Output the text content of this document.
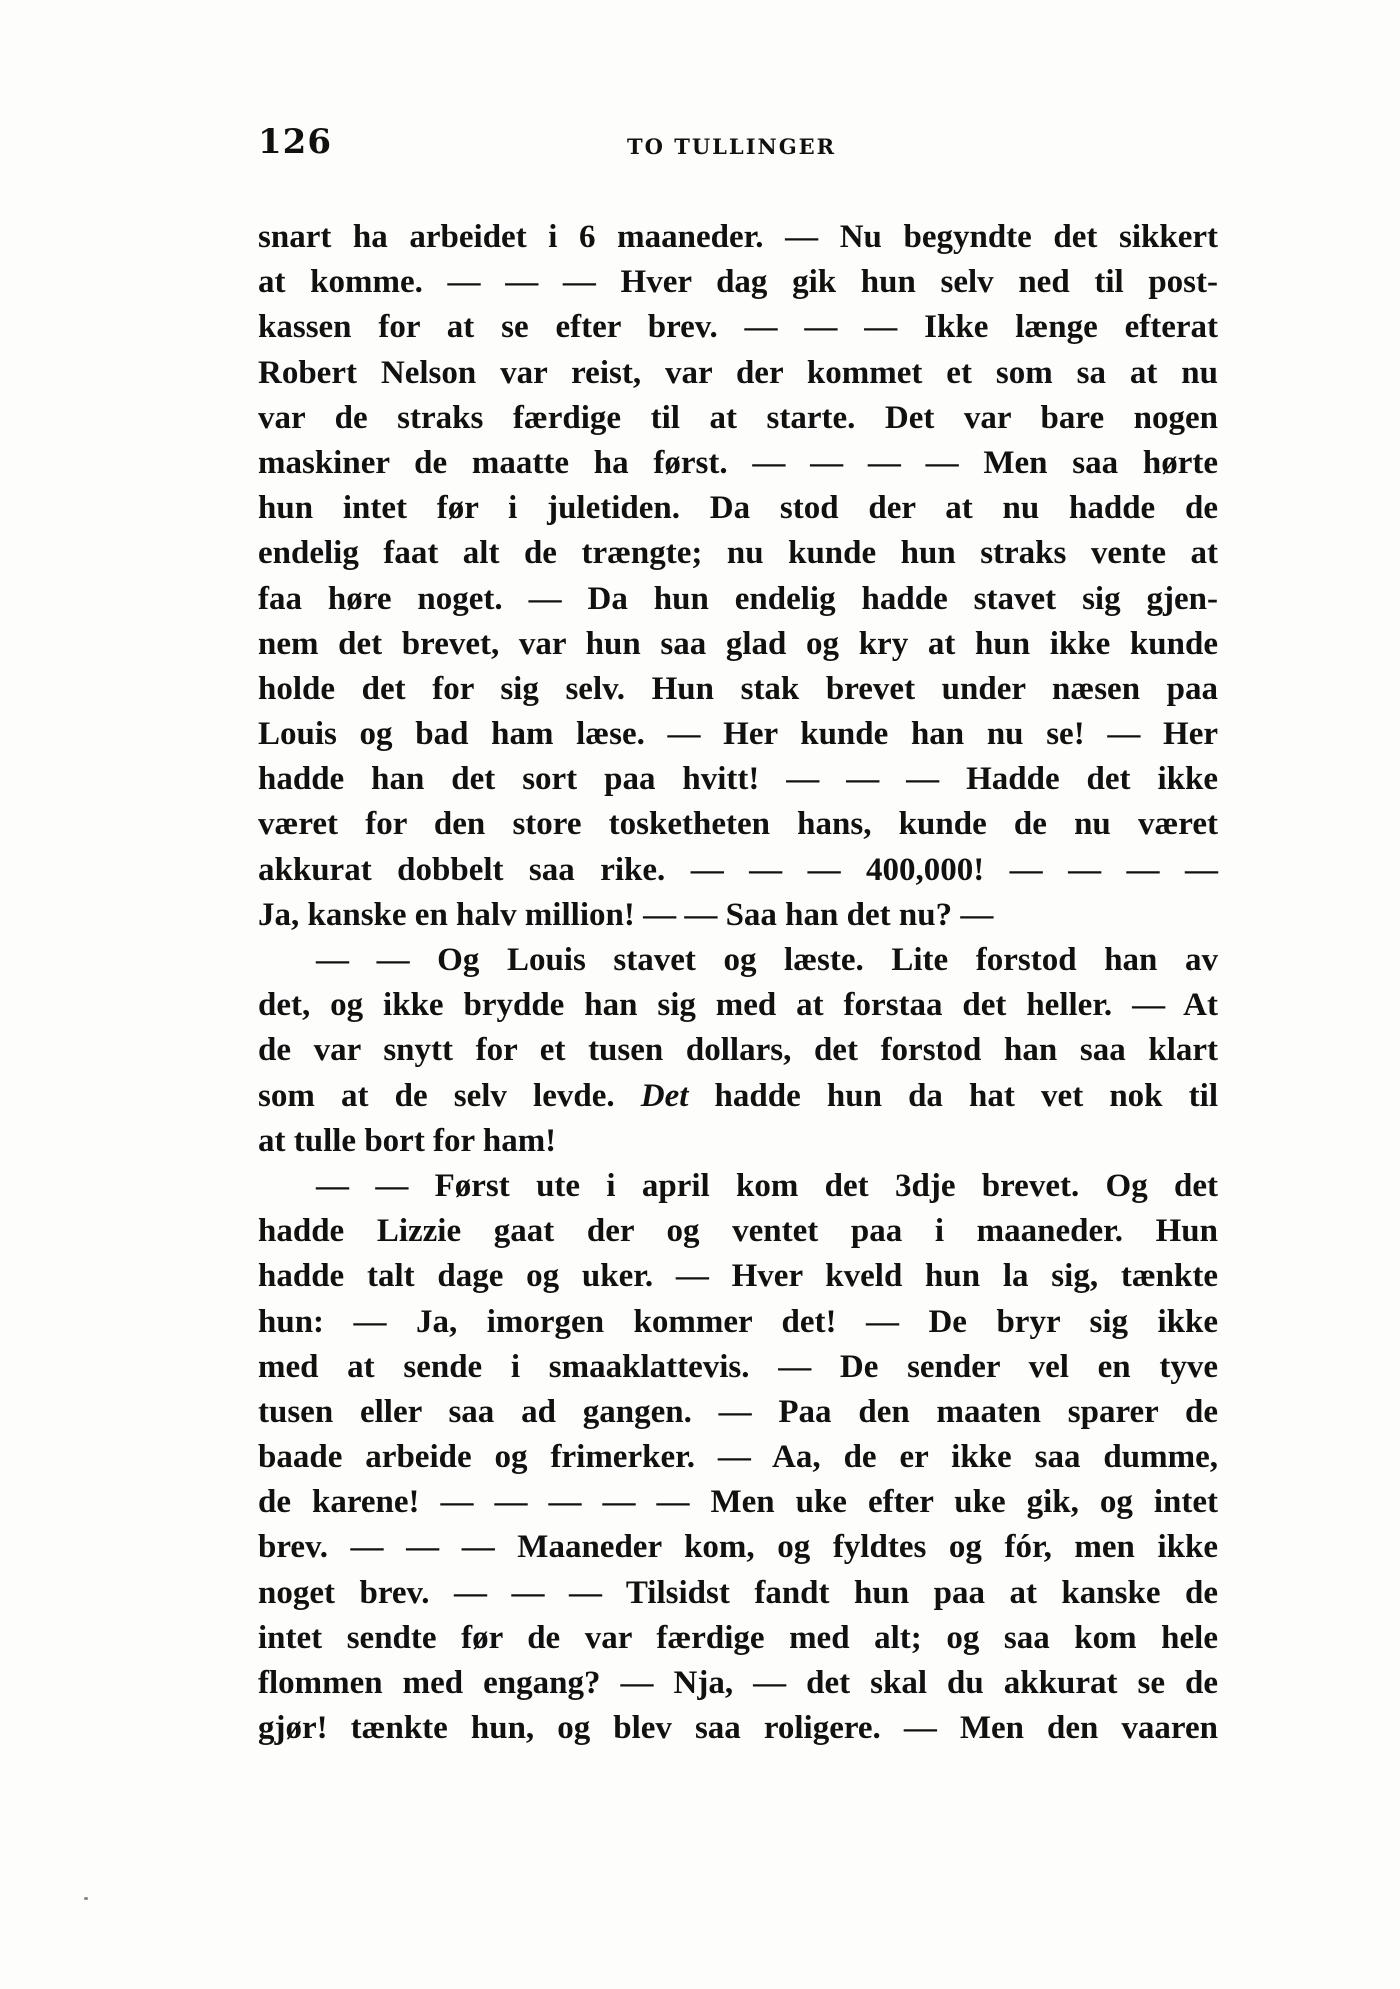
126	TO TULLINGER
snart ha arbeidet i 6 maaneder. — Nu begyndte det sikkert
at komme. — — — Hver dag gik hun selv ned til post-
kassen for at se efter brev. — — — Ikke længe efterat
Robert Nelson var reist, var der kommet et som sa at nu
var de straks færdige til at starte. Det var bare nogen
maskiner de maatte ha først. — — — — Men saa hørte
hun intet før i juletiden. Da stod der at nu hadde de
endelig faat alt de trængte; nu kunde hun straks vente at
faa høre noget. — Da hun endelig hadde stavet sig gjen-
nem det brevet, var hun saa glad og kry at hun ikke kunde
holde det for sig selv. Hun stak brevet under næsen paa
Louis og bad ham læse. — Her kunde han nu se! — Her
hadde han det sort paa hvitt! — — — Hadde det ikke
været for den store tosketheten hans, kunde de nu været
akkurat dobbelt saa rike. — — — 400,000! — — — —
Ja, kanske en halv million! — — Saa han det nu? —
— — Og Louis stavet og læste. Lite forstod han av
det, og ikke brydde han sig med at forstaa det heller. — At
de var snytt for et tusen dollars, det forstod han saa klart
som at de selv levde. Det hadde hun da hat vet nok til
at tulle bort for ham!
— — Først ute i april kom det 3dje brevet. Og det
hadde Lizzie gaat der og ventet paa i maaneder. Hun
hadde talt dage og uker. — Hver kveld hun la sig, tænkte
hun: — Ja, imorgen kommer det! — De bryr sig ikke
med at sende i smaaklattevis. — De sender vel en tyve
tusen eller saa ad gangen. — Paa den maaten sparer de
baade arbeide og frimerker. — Aa, de er ikke saa dumme,
de karene! — — — — — Men uke efter uke gik, og intet
brev. — — — Maaneder kom, og fyldtes og fór, men ikke
noget brev. — — — Tilsidst fandt hun paa at kanske de
intet sendte før de var færdige med alt; og saa kom hele
flommen med engang? — Nja, — det skal du akkurat se de
gjør! tænkte hun, og blev saa roligere. — Men den vaaren
